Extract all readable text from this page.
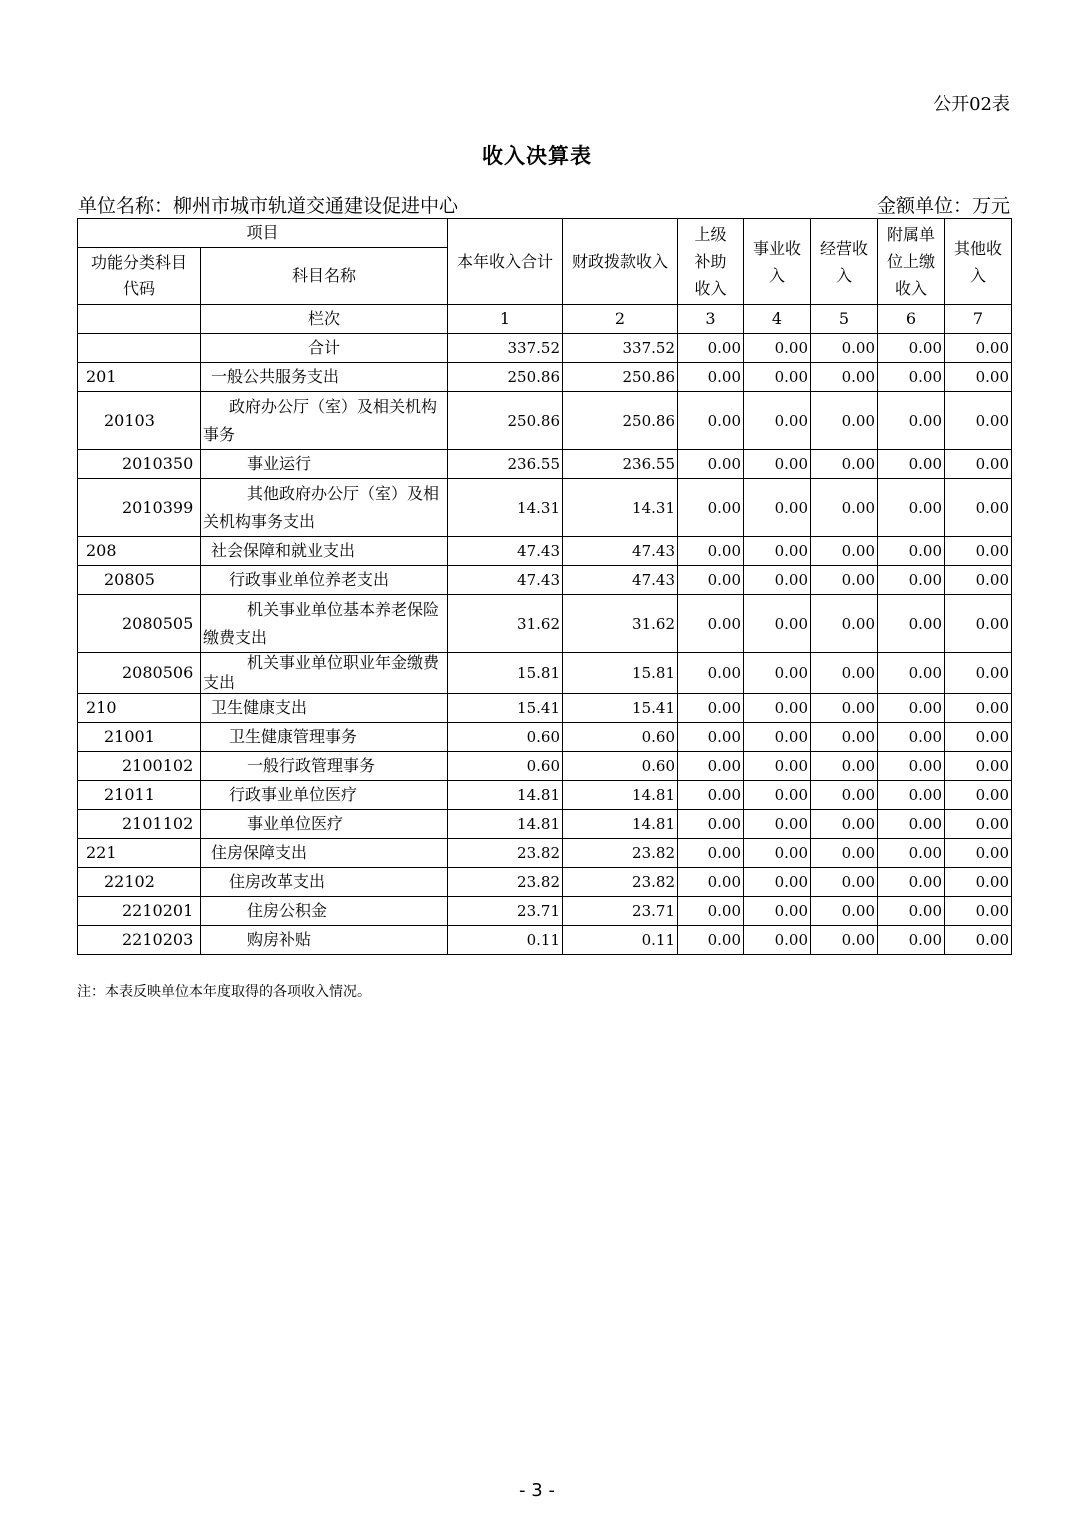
公开02表
收入决算表
单位名称：柳州市城市轨道交通建设促进中心	金额单位：万元
项目		本年收入合计	财政拨款收入	上级补助收入	事业收入	经营收入	附属单位上缴收入	其他收入

功能分类科目代码	科目名称							
	栏次	1	2	3	4	5	6	7
	合计	337.52	337.52	0.00	0.00	0.00	0.00	0.00
201	一般公共服务支出	250.86	250.86	0.00	0.00	0.00	0.00	0.00
20103	政府办公厅（室）及相关机构事务	250.86	250.86	0.00	0.00	0.00	0.00	0.00
2010350	事业运行	236.55	236.55	0.00	0.00	0.00	0.00	0.00
2010399	其他政府办公厅（室）及相关机构事务支出	14.31	14.31	0.00	0.00	0.00	0.00	0.00
208	社会保障和就业支出	47.43	47.43	0.00	0.00	0.00	0.00	0.00
20805	行政事业单位养老支出	47.43	47.43	0.00	0.00	0.00	0.00	0.00
2080505	机关事业单位基本养老保险缴费支出	31.62	31.62	0.00	0.00	0.00	0.00	0.00
2080506	机关事业单位职业年金缴费支出	15.81	15.81	0.00	0.00	0.00	0.00	0.00
210	卫生健康支出	15.41	15.41	0.00	0.00	0.00	0.00	0.00
21001	卫生健康管理事务	0.60	0.60	0.00	0.00	0.00	0.00	0.00
2100102	一般行政管理事务	0.60	0.60	0.00	0.00	0.00	0.00	0.00
21011	行政事业单位医疗	14.81	14.81	0.00	0.00	0.00	0.00	0.00
2101102	事业单位医疗	14.81	14.81	0.00	0.00	0.00	0.00	0.00
221	住房保障支出	23.82	23.82	0.00	0.00	0.00	0.00	0.00
22102	住房改革支出	23.82	23.82	0.00	0.00	0.00	0.00	0.00
2210201	住房公积金	23.71	23.71	0.00	0.00	0.00	0.00	0.00
2210203	购房补贴	0.11	0.11	0.00	0.00	0.00	0.00	0.00
注：本表反映单位本年度取得的各项收入情况。
- 3 -
